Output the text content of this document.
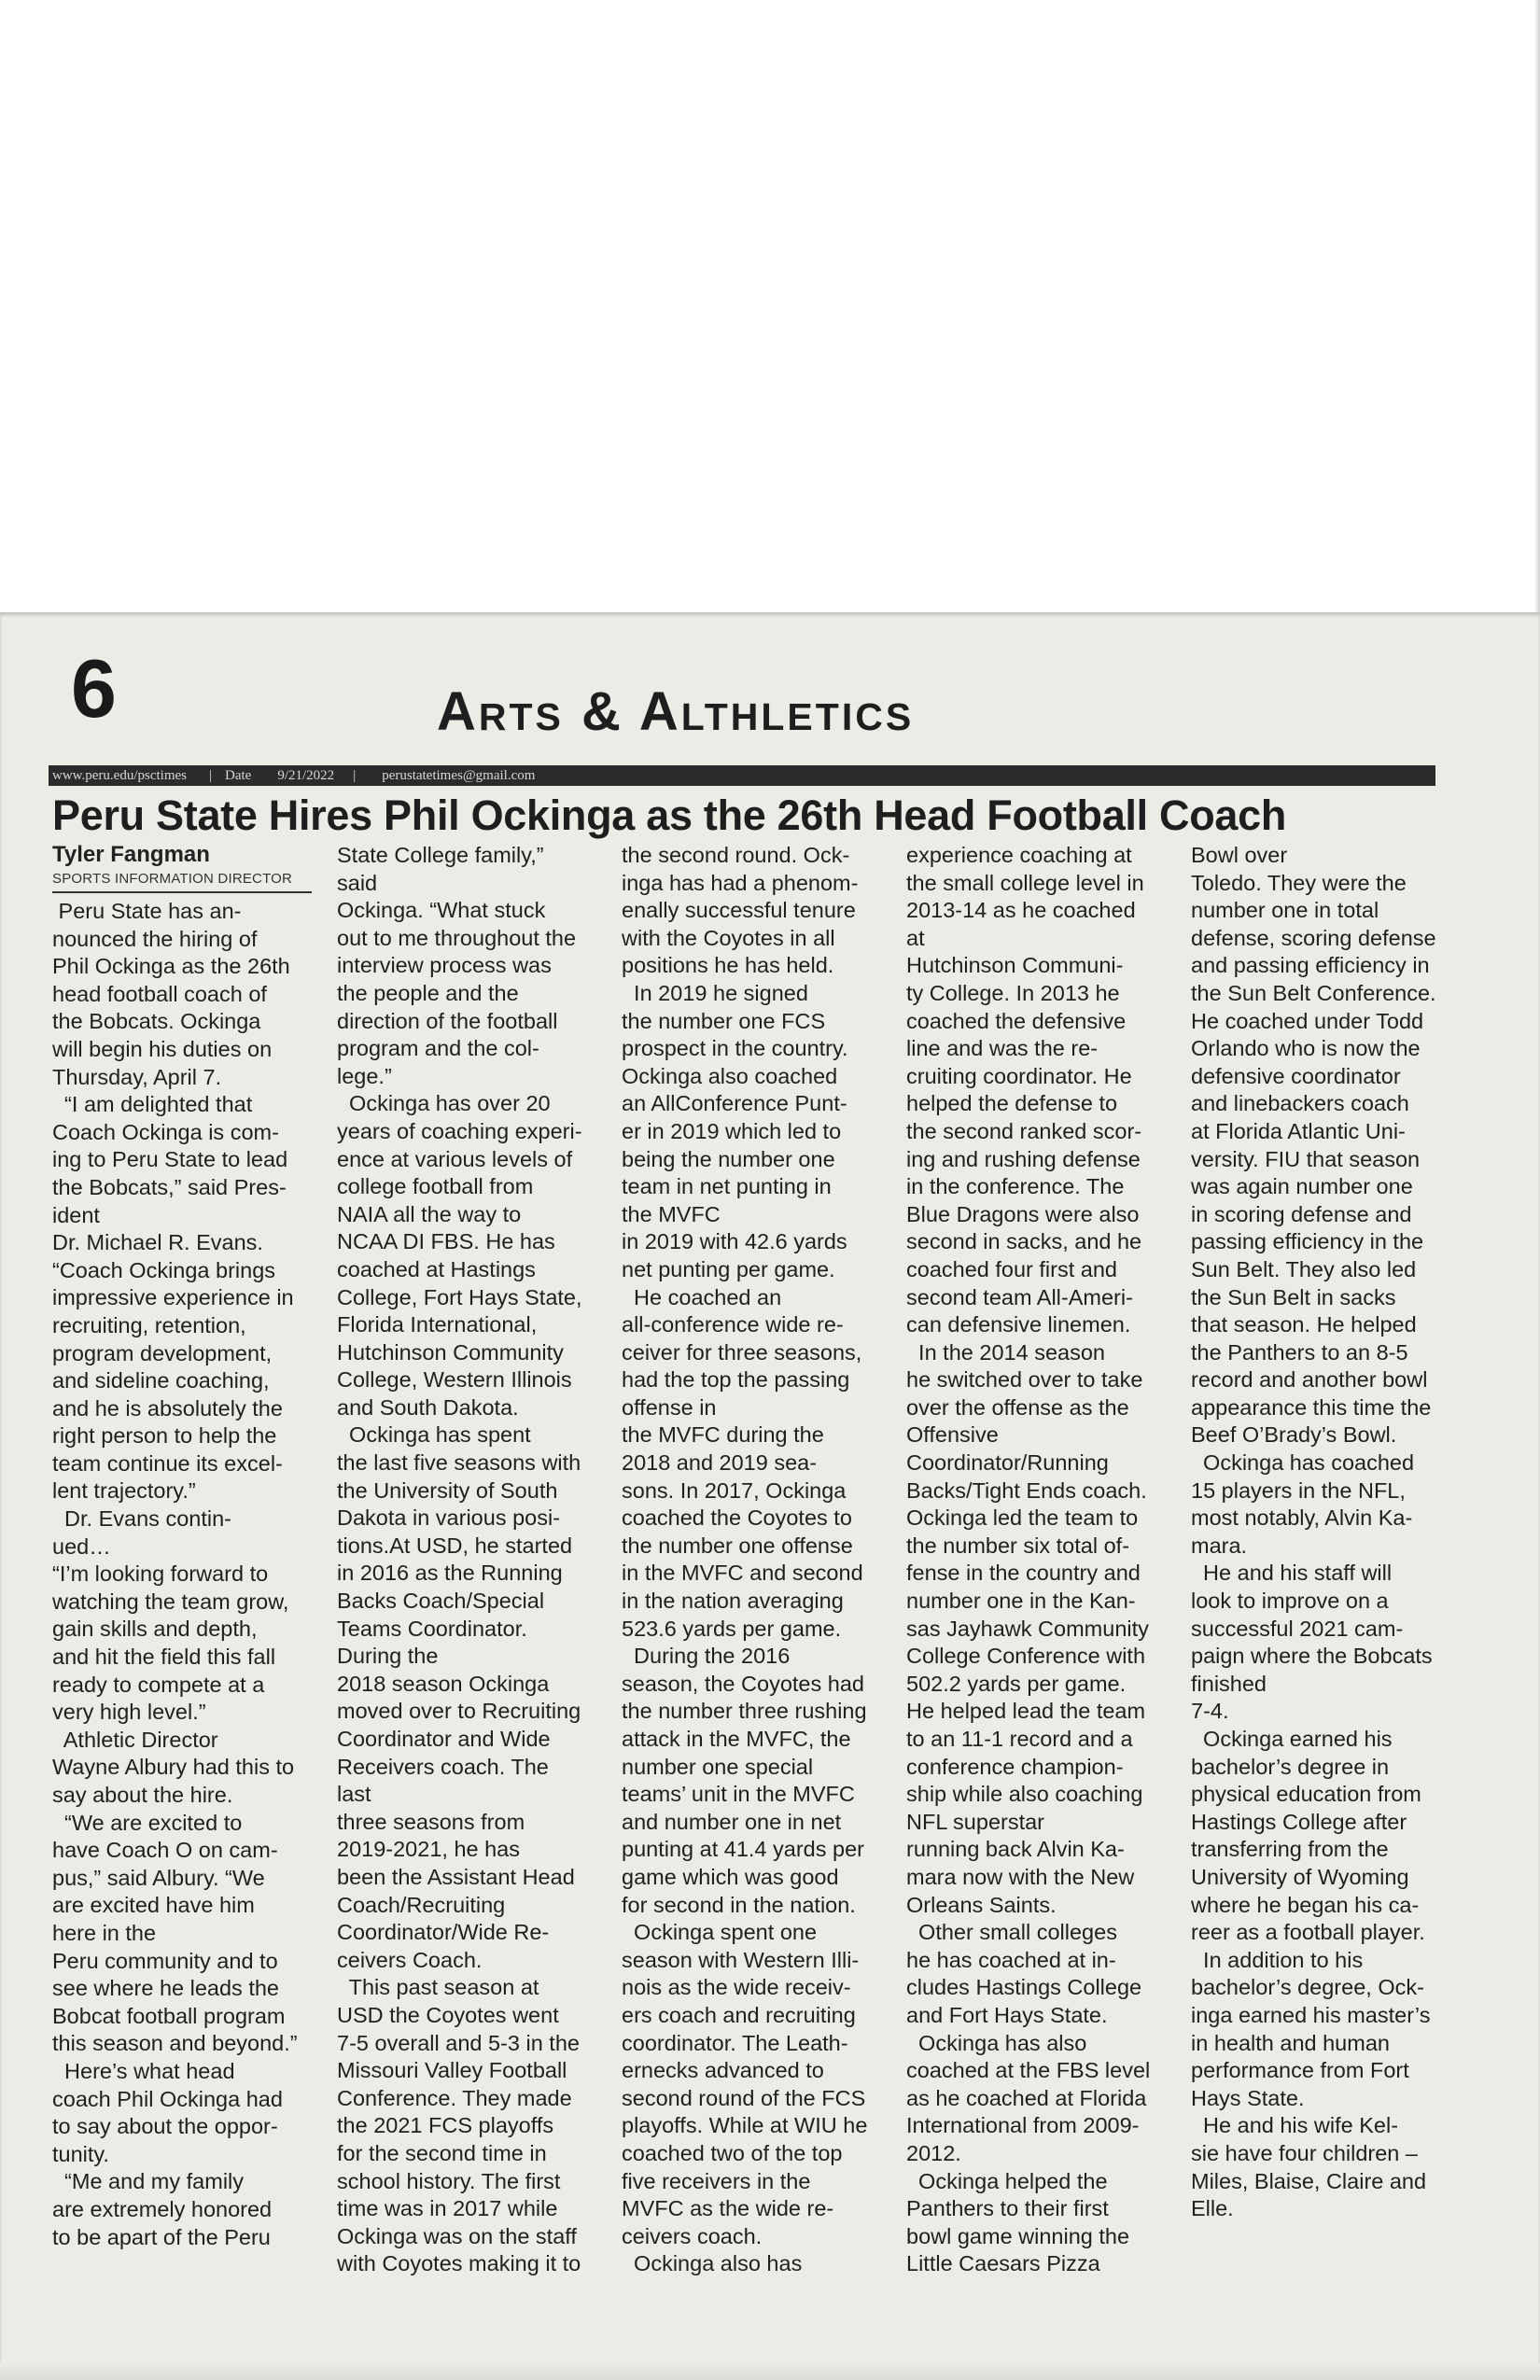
6	Arts & Althletics
www.peru.edu/psctimes | Date 9/21/2022 | perustatetimes@gmail.com
Peru State Hires Phil Ockinga as the 26th Head Football Coach
Tyler Fangman
SPORTS INFORMATION DIRECTOR

Peru State has an-

nounced the hiring of

Phil Ockinga as the 26th

head football coach of

the Bobcats. Ockinga

will begin his duties on

Thursday, April 7.

“I am delighted that

Coach Ockinga is com-

ing to Peru State to lead

the Bobcats,” said Pres-

ident

Dr. Michael R. Evans.

“Coach Ockinga brings

impressive experience in

recruiting, retention,

program development,

and sideline coaching,

and he is absolutely the

right person to help the

team continue its excel-

lent trajectory.”

Dr. Evans contin-

ued…

“I’m looking forward to

watching the team grow,

gain skills and depth,

and hit the field this fall

ready to compete at a

very high level.”

Athletic Director

Wayne Albury had this to

say about the hire.

“We are excited to

have Coach O on cam-

pus,” said Albury. “We

are excited have him

here in the

Peru community and to

see where he leads the

Bobcat football program

this season and beyond.”

Here’s what head

coach Phil Ockinga had

to say about the oppor-

tunity.

“Me and my family

are extremely honored

to be apart of the Peru

State College family,”

said

Ockinga. “What stuck

out to me throughout the

interview process was

the people and the

direction of the football

program and the col-

lege.”

Ockinga has over 20

years of coaching experi-

ence at various levels of

college football from

NAIA all the way to

NCAA DI FBS. He has

coached at Hastings

College, Fort Hays State,

Florida International,

Hutchinson Community

College, Western Illinois

and South Dakota.

Ockinga has spent

the last five seasons with

the University of South

Dakota in various posi-

tions.At USD, he started

in 2016 as the Running

Backs Coach/Special

Teams Coordinator.

During the

2018 season Ockinga

moved over to Recruiting

Coordinator and Wide

Receivers coach. The

last

three seasons from

2019-2021, he has

been the Assistant Head

Coach/Recruiting

Coordinator/Wide Re-

ceivers Coach.

This past season at

USD the Coyotes went

7-5 overall and 5-3 in the

Missouri Valley Football

Conference. They made

the 2021 FCS playoffs

for the second time in

school history. The first

time was in 2017 while

Ockinga was on the staff

with Coyotes making it to

the second round. Ock-

inga has had a phenom-

enally successful tenure

with the Coyotes in all

positions he has held.

In 2019 he signed

the number one FCS

prospect in the country.

Ockinga also coached

an AllConference Punt-

er in 2019 which led to

being the number one

team in net punting in

the MVFC

in 2019 with 42.6 yards

net punting per game.

He coached an

all-conference wide re-

ceiver for three seasons,

had the top the passing

offense in

the MVFC during the

2018 and 2019 sea-

sons. In 2017, Ockinga

coached the Coyotes to

the number one offense

in the MVFC and second

in the nation averaging

523.6 yards per game.

During the 2016

season, the Coyotes had

the number three rushing

attack in the MVFC, the

number one special

teams’ unit in the MVFC

and number one in net

punting at 41.4 yards per

game which was good

for second in the nation.

Ockinga spent one

season with Western Illi-

nois as the wide receiv-

ers coach and recruiting

coordinator. The Leath-

ernecks advanced to

second round of the FCS

playoffs. While at WIU he

coached two of the top

five receivers in the

MVFC as the wide re-

ceivers coach.

Ockinga also has

experience coaching at

the small college level in

2013-14 as he coached

at

Hutchinson Communi-

ty College. In 2013 he

coached the defensive

line and was the re-

cruiting coordinator. He

helped the defense to

the second ranked scor-

ing and rushing defense

in the conference. The

Blue Dragons were also

second in sacks, and he

coached four first and

second team All-Ameri-

can defensive linemen.

In the 2014 season

he switched over to take

over the offense as the

Offensive

Coordinator/Running

Backs/Tight Ends coach.

Ockinga led the team to

the number six total of-

fense in the country and

number one in the Kan-

sas Jayhawk Community

College Conference with

502.2 yards per game.

He helped lead the team

to an 11-1 record and a

conference champion-

ship while also coaching

NFL superstar

running back Alvin Ka-

mara now with the New

Orleans Saints.

Other small colleges

he has coached at in-

cludes Hastings College

and Fort Hays State.

Ockinga has also

coached at the FBS level

as he coached at Florida

International from 2009-

2012.

Ockinga helped the

Panthers to their first

bowl game winning the

Little Caesars Pizza

Bowl over

Toledo. They were the

number one in total

defense, scoring defense

and passing efficiency in

the Sun Belt Conference.

He coached under Todd

Orlando who is now the

defensive coordinator

and linebackers coach

at Florida Atlantic Uni-

versity. FIU that season

was again number one

in scoring defense and

passing efficiency in the

Sun Belt. They also led

the Sun Belt in sacks

that season. He helped

the Panthers to an 8-5

record and another bowl

appearance this time the

Beef O’Brady’s Bowl.

Ockinga has coached

15 players in the NFL,

most notably, Alvin Ka-

mara.

He and his staff will

look to improve on a

successful 2021 cam-

paign where the Bobcats

finished

7-4.

Ockinga earned his

bachelor’s degree in

physical education from

Hastings College after

transferring from the

University of Wyoming

where he began his ca-

reer as a football player.

In addition to his

bachelor’s degree, Ock-

inga earned his master’s

in health and human

performance from Fort

Hays State.

He and his wife Kel-

sie have four children –

Miles, Blaise, Claire and

Elle.
